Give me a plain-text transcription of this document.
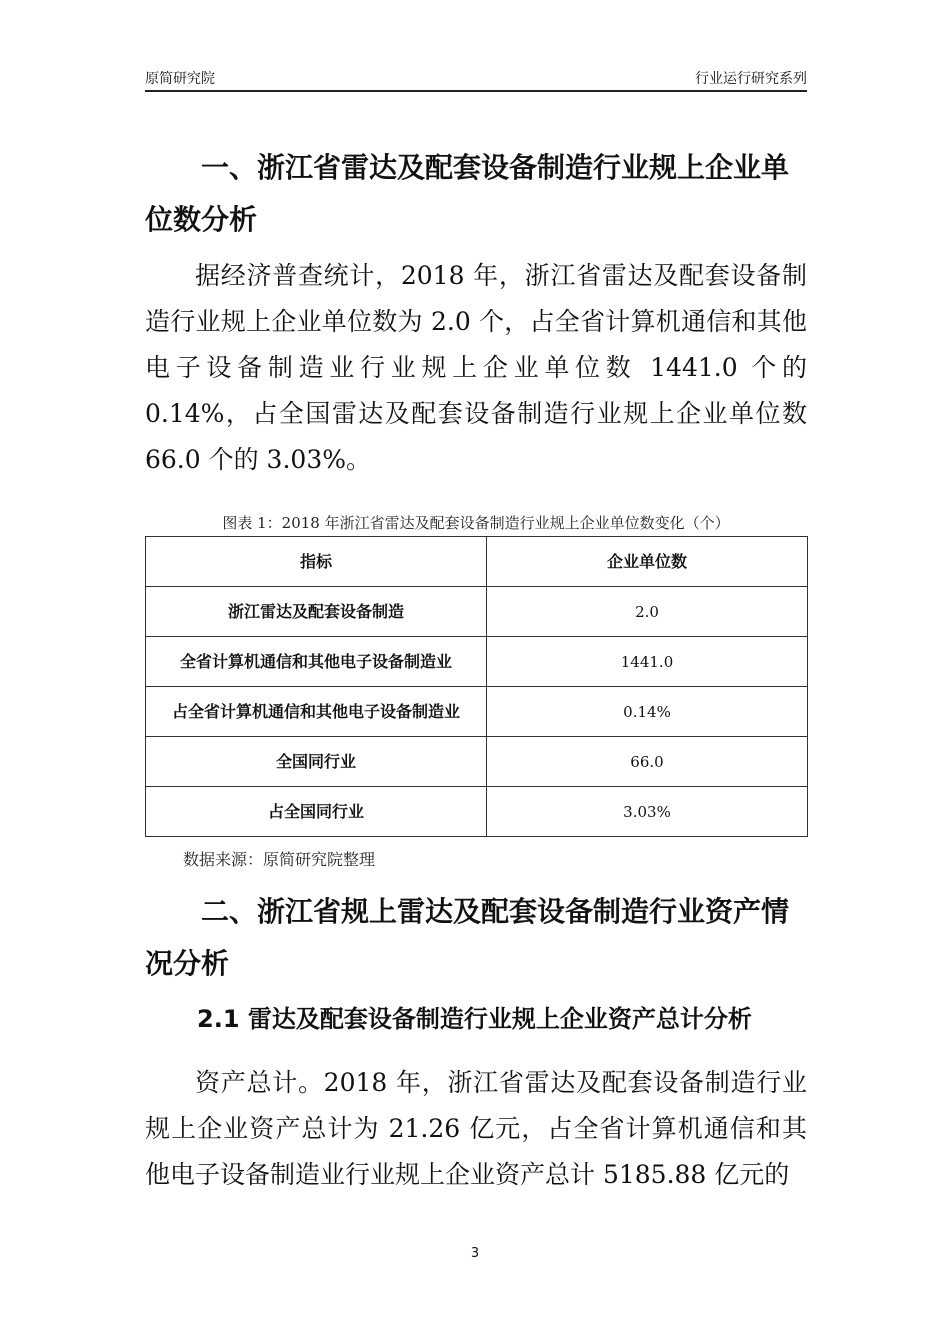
原简研究院	行业运行研究系列
一、浙江省雷达及配套设备制造行业规上企业单位数分析

据经济普查统计，2018 年，浙江省雷达及配套设备制造行业规上企业单位数为 2.0 个，占全省计算机通信和其他电子设备制造业行业规上企业单位数 1441.0 个的 0.14%，占全国雷达及配套设备制造行业规上企业单位数 66.0 个的 3.03%。

图表 1：2018 年浙江省雷达及配套设备制造行业规上企业单位数变化（个）
指标	企业单位数
浙江雷达及配套设备制造	2.0
全省计算机通信和其他电子设备制造业	1441.0
占全省计算机通信和其他电子设备制造业	0.14%
全国同行业	66.0
占全国同行业	3.03%
数据来源：原简研究院整理
二、浙江省规上雷达及配套设备制造行业资产情况分析
2.1 雷达及配套设备制造行业规上企业资产总计分析

资产总计。2018 年，浙江省雷达及配套设备制造行业规上企业资产总计为 21.26 亿元，占全省计算机通信和其他电子设备制造业行业规上企业资产总计 5185.88 亿元的

3
